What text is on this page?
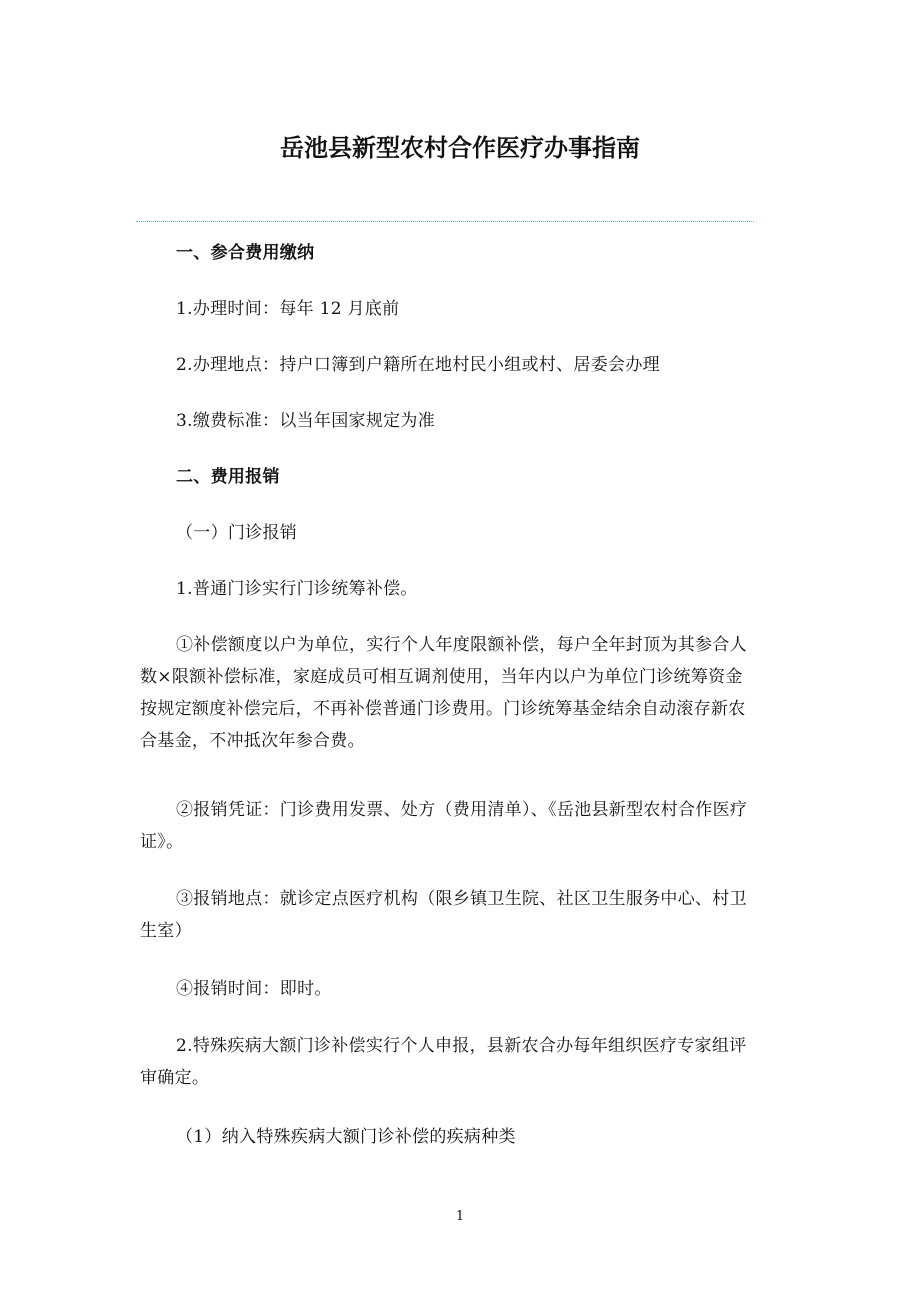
岳池县新型农村合作医疗办事指南

一、参合费用缴纳

1.办理时间：每年 12 月底前

2.办理地点：持户口簿到户籍所在地村民小组或村、居委会办理

3.缴费标准：以当年国家规定为准

二、费用报销

（一）门诊报销

1.普通门诊实行门诊统筹补偿。

①补偿额度以户为单位，实行个人年度限额补偿，每户全年封顶为其参合人数×限额补偿标准，家庭成员可相互调剂使用，当年内以户为单位门诊统筹资金按规定额度补偿完后，不再补偿普通门诊费用。门诊统筹基金结余自动滚存新农合基金，不冲抵次年参合费。

②报销凭证：门诊费用发票、处方（费用清单）、《岳池县新型农村合作医疗证》。

③报销地点：就诊定点医疗机构（限乡镇卫生院、社区卫生服务中心、村卫生室）

④报销时间：即时。

2.特殊疾病大额门诊补偿实行个人申报，县新农合办每年组织医疗专家组评审确定。

（1）纳入特殊疾病大额门诊补偿的疾病种类

1
